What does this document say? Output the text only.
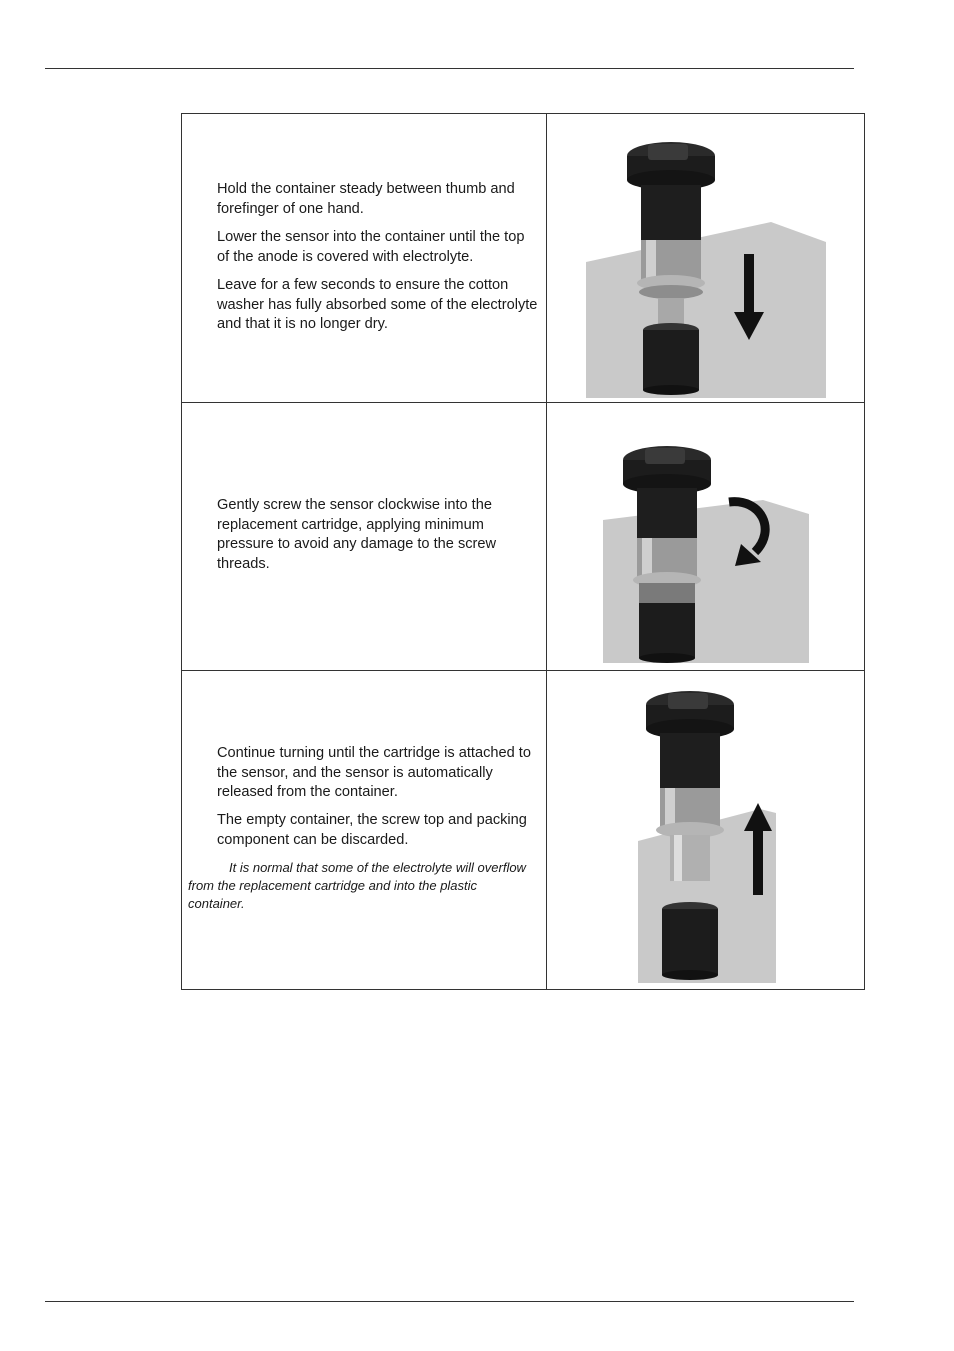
Hold the container steady between thumb and forefinger of one hand.

Lower the sensor into the container until the top of the anode is covered with electrolyte.

Leave for a few seconds to ensure the cotton washer has fully absorbed some of the electrolyte and that it is no longer dry.

Gently screw the sensor clockwise into the replacement cartridge, applying minimum pressure to avoid any damage to the screw threads.

Continue turning until the cartridge is attached to the sensor, and the sensor is automatically released from the container.

The empty container, the screw top and packing component can be discarded.

It is normal that some of the electrolyte will overflow from the replacement cartridge and into the plastic container.
